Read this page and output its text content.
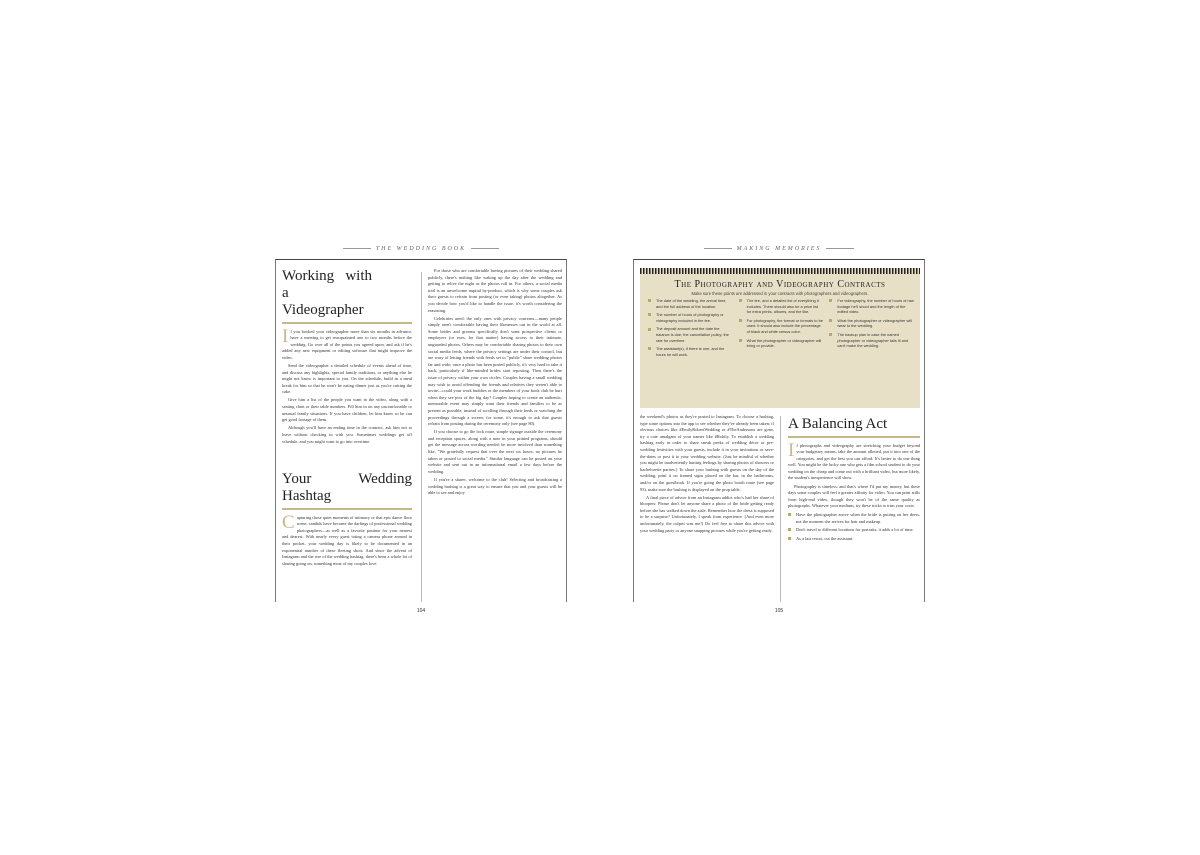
THE WEDDING BOOK
Working with a Videographer

If you booked your videographer more than six months in advance, have a meeting to get reacquainted one to two months before the wedding. Go over all of the points you agreed upon, and ask if he's added any new equipment or editing software that might improve the video.

Send the videographer a detailed schedule of events ahead of time, and discuss any highlights, special family traditions, or anything else he might not know is important to you. On the schedule, build in a meal break for him so that he won't be eating dinner just as you're cutting the cake.

Give him a list of the people you want in the video, along with a seating chart or their table numbers. Fill him in on any uncomfortable or unusual family situations. If you have children, let him know so he can get good footage of them.

Although you'll have an ending time in the contract, ask him not to leave without checking in with you. Sometimes weddings get off schedule, and you might want to go into overtime.

Your Wedding Hashtag

Capturing those quiet moments of intimacy or that epic dance floor scene, candids have become the darlings of professional wedding photographers—as well as a favorite pastime for your nearest and dearest. With nearly every guest toting a camera phone around in their pocket, your wedding day is likely to be documented in an exponential number of these fleeting shots. And since the advent of Instagram and the rise of the wedding hashtag, there's been a whole lot of sharing going on, something most of my couples love.

For those who are comfortable having pictures of their wedding shared publicly, there's nothing like waking up the day after the wedding and getting to relive the night as the photos roll in. For others, a social media trail is an unwelcome nuptial by-product, which is why some couples ask their guests to refrain from posting (or even taking) photos altogether. As you decide how you'd like to handle the issue, it's worth considering the reasoning.

Celebrities aren't the only ones with privacy concerns—many people simply aren't comfortable having their likenesses out in the world at all. Some brides and grooms specifically don't want prospective clients or employers (or exes, for that matter) having access to their intimate, unguarded photos. Others may be comfortable sharing photos to their own social media feeds, where the privacy settings are under their control, but are wary of letting friends with feeds set to "public" share wedding photos far and wide; once a photo has been posted publicly, it's very hard to take it back, particularly if like-minded brides start reposting. Then there's the issue of privacy within your own circles. Couples having a small wedding may wish to avoid offending the friends and relatives they weren't able to invite—could your work buddies or the members of your book club be hurt when they see pics of the big day? Couples hoping to create an authentic, memorable event may simply want their friends and families to be as present as possible, instead of scrolling through their feeds or watching the proceedings through a screen; for some, it's enough to ask that guests refrain from posting during the ceremony only (see page 80).

If you choose to go the lock route, simple signage outside the ceremony and reception spaces, along with a note in your printed programs, should get the message across wording needn't be more involved than something like, "We gratefully request that over the next six hours, no pictures be taken or posted to social media." Similar language can be posted on your website and sent out in an informational email a few days before the wedding.

If you're a sharer, welcome to the club! Selecting and broadcasting a wedding hashtag is a great way to ensure that you and your guests will be able to see and enjoy

104
MAKING MEMORIES
The Photography and Videography Contracts
Make sure these points are addressed in your contracts with photographers and videographers.
The date of the wedding, the arrival time, and the full address of the location.
The number of hours of photography or videography included in the fee.
The deposit amount and the date the balance is due; the cancellation policy; the rate for overtime.
The assistant(s), if there is one, and the hours he will work.
The fee, and a detailed list of everything it includes. There should also be a price list for extra prints, albums, and the like.
For photography, the format or formats to be used. It should also include the percentage of black and white versus color.
What the photographer or videographer will bring or provide.
For videography, the number of hours of raw footage he'll shoot and the length of the edited video.
What the photographer or videographer will wear to the wedding.
The backup plan in case the named photographer or videographer falls ill and can't make the wedding.

the weekend's photos as they're posted to Instagram. To choose a hashtag, type some options into the app to see whether they've already been taken; if obvious choices like #EmilyRobertWedding or #TheAndersons are gone, try a cute amalgam of your names like #Robily. To establish a wedding hashtag early in order to share sneak peeks of wedding décor or pre-wedding festivities with your guests, include it in your invitations or save-the-dates or post it to your wedding website. (Just be mindful of whether you might be inadvertently hurting feelings by sharing photos of showers or bachelorette parties.) To share your hashtag with guests on the day of the wedding, print it on framed signs placed on the bar, in the bathrooms, and/or on the guestbook. If you're going the photo booth route (see page 93), make sure the hashtag is displayed on the prop table.

A final piece of advice from an Instagram addict who's had her share of bloopers: Please don't let anyone share a photo of the bride getting ready before she has walked down the aisle. Remember how the dress is supposed to be a surprise? Unfortunately, I speak from experience. (And even more unfortunately, the culprit was me!) Do feel free to share this advice with your wedding party or anyone snapping pictures while you're getting ready.

A Balancing Act

If photographs and videography are stretching your budget beyond your budgetary means, take the amount allotted, put it into one of the categories, and get the best you can afford. It's better to do one thing well. You might be the lucky one who gets a film school student to do your wedding on the cheap and come out with a brilliant video, but more likely, the student's inexperience will show.

Photography is timeless, and that's where I'd put my money, but these days some couples will feel a greater affinity for video. You can print stills from high-end video, though they won't be of the same quality as photographs. Whatever your medium, try these tricks to trim your costs:

Have the photographer arrive when the bride is putting on her dress, not the moment she arrives for hair and makeup.
Don't travel to different locations for portraits; it adds a lot of time.
As a last resort, cut the assistant.
105
